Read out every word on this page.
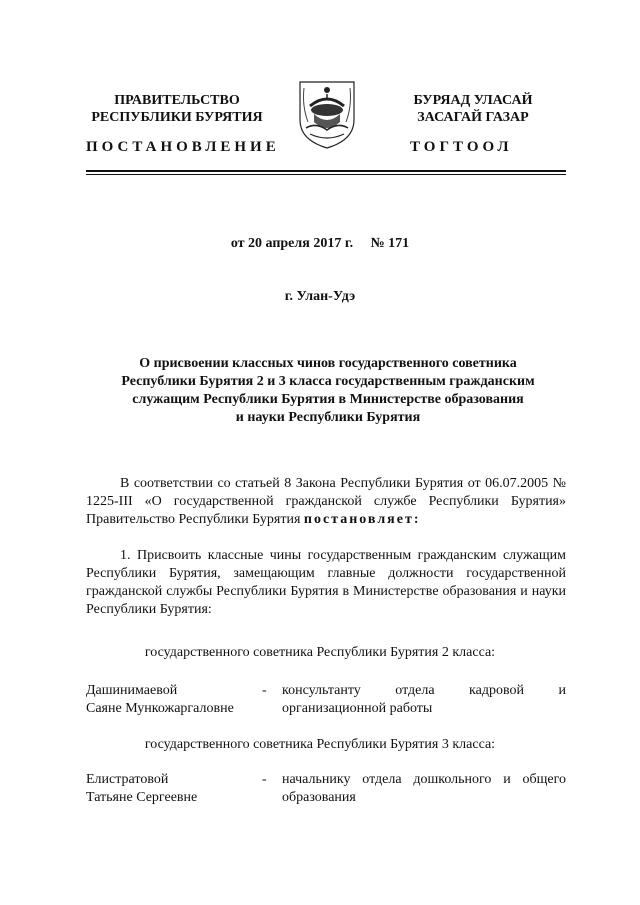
ПРАВИТЕЛЬСТВО
РЕСПУБЛИКИ БУРЯТИЯ
БУРЯАД УЛАСАЙ
ЗАСАГАЙ ГАЗАР
ПОСТАНОВЛЕНИЕ	ТОГТООЛ
от 20 апреля 2017 г. № 171
г. Улан-Удэ
О присвоении классных чинов государственного советника
Республики Бурятия 2 и 3 класса государственным гражданским
служащим Республики Бурятия в Министерстве образования
и науки Республики Бурятия
В соответствии со статьей 8 Закона Республики Бурятия от 06.07.2005 № 1225-III «О государственной гражданской службе Республики Бурятия» Правительство Республики Бурятия постановляет:
1. Присвоить классные чины государственным гражданским служащим Республики Бурятия, замещающим главные должности государственной гражданской службы Республики Бурятия в Министерстве образования и науки Республики Бурятия:
государственного советника Республики Бурятия 2 класса:
Дашинимаевой
Саяне Мункожаргаловне
- консультанту отдела кадровой и организационной работы
государственного советника Республики Бурятия 3 класса:
Елистратовой
Татьяне Сергеевне
- начальнику отдела дошкольного и общего образования
